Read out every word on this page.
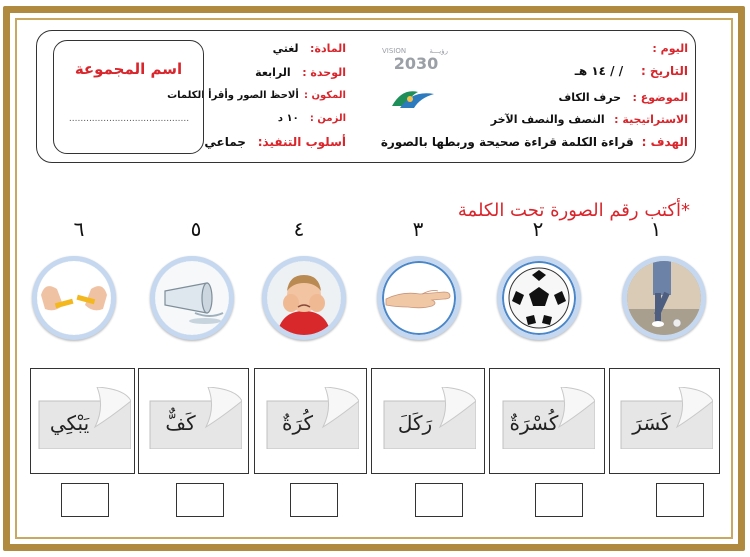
اليوم :
التاريخ : / / ١٤ هـ
الموضوع : حرف الكاف
الاستراتيجية : النصف والنصف الآخر
الهدف : قراءة الكلمة قراءة صحيحة وربطها بالصورة
المادة: لغتي
الوحدة : الرابعة
المكون : ألاحظ الصور وأقرأ الكلمات
الزمن : ١٠ د
أسلوب التنفيذ: جماعي
VISION	رؤيـــة
2030
اسم المجموعة
..........................................
*أكتب رقم الصورة تحت الكلمة
١
٢
٣
٤
٥
٦
كَسَرَ
كُسْرَةٌ
رَكَلَ
كُرَةٌ
كَفٌّ
يَبْكِي
